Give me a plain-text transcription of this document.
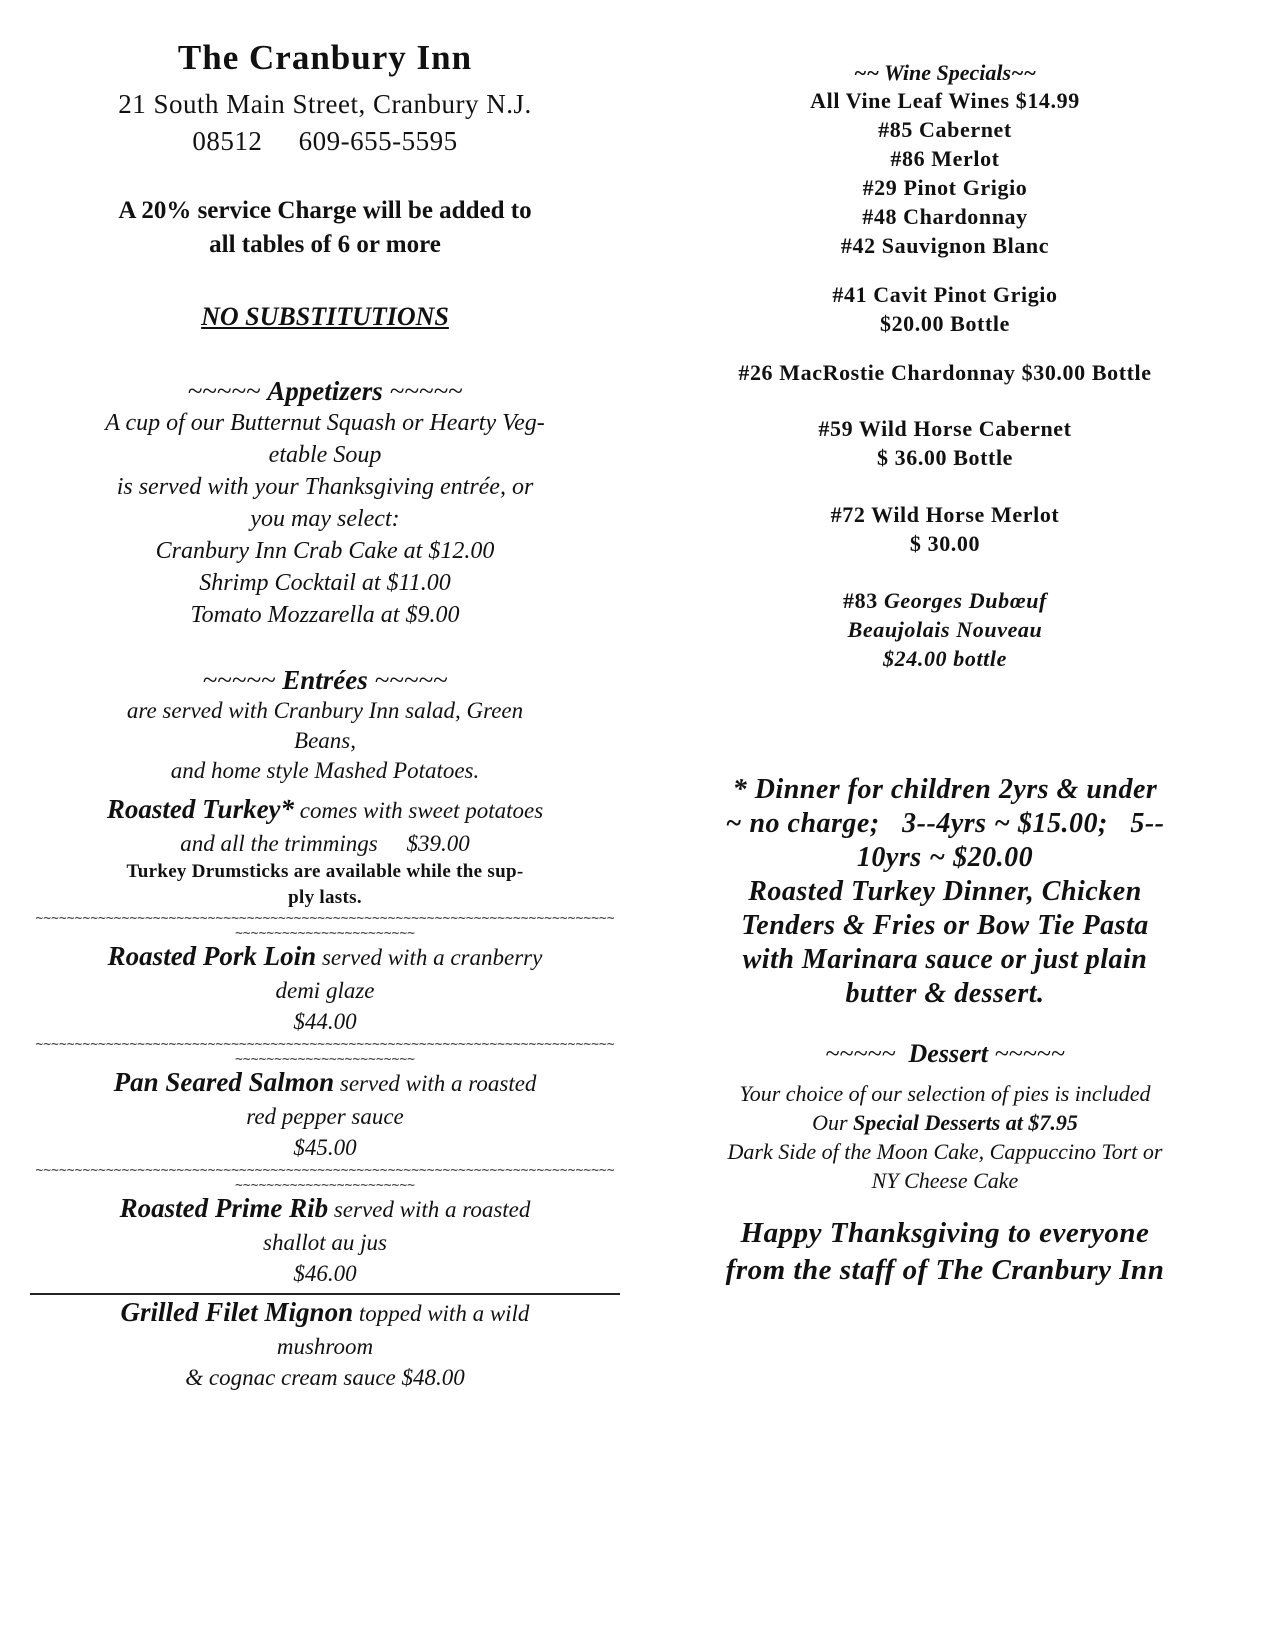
The Cranbury Inn

21 South Main Street, Cranbury N.J.

08512     609-655-5595

A 20% service Charge will be added to

all tables of 6 or more

NO SUBSTITUTIONS

~~~~~ Appetizers ~~~~~

A cup of our Butternut Squash or Hearty Veg-

etable Soup

is served with your Thanksgiving entrée, or

you may select:

Cranbury Inn Crab Cake at $12.00

Shrimp Cocktail at $11.00

Tomato Mozzarella at $9.00

~~~~~ Entrées ~~~~~

are served with Cranbury Inn salad, Green

Beans,

and home style Mashed Potatoes.

Roasted Turkey* comes with sweet potatoes

and all the trimmings     $39.00

Turkey Drumsticks are available while the sup-

ply lasts.

~~~~~~~~~~~~~~~~~~~~~~~~~~~~~~~~~~~~~~~~~~~~~~~~~~~~~~~~~~~~~~~~~~~~~~~~~~
~~~~~~~~~~~~~~~~~~~~~~~

Roasted Pork Loin served with a cranberry

demi glaze

$44.00

~~~~~~~~~~~~~~~~~~~~~~~~~~~~~~~~~~~~~~~~~~~~~~~~~~~~~~~~~~~~~~~~~~~~~~~~~~
~~~~~~~~~~~~~~~~~~~~~~~

Pan Seared Salmon served with a roasted

red pepper sauce

$45.00

~~~~~~~~~~~~~~~~~~~~~~~~~~~~~~~~~~~~~~~~~~~~~~~~~~~~~~~~~~~~~~~~~~~~~~~~~~
~~~~~~~~~~~~~~~~~~~~~~~

Roasted Prime Rib served with a roasted

shallot au jus

$46.00

Grilled Filet Mignon topped with a wild

mushroom

& cognac cream sauce $48.00

~~ Wine Specials~~

All Vine Leaf Wines $14.99

#85 Cabernet

#86 Merlot

#29 Pinot Grigio

#48 Chardonnay

#42 Sauvignon Blanc

#41 Cavit Pinot Grigio

$20.00 Bottle

#26 MacRostie Chardonnay $30.00 Bottle

#59 Wild Horse Cabernet

$ 36.00 Bottle

#72 Wild Horse Merlot

$ 30.00

#83 Georges Dubœuf

Beaujolais Nouveau

$24.00 bottle

* Dinner for children 2yrs & under

~ no charge;   3--4yrs ~ $15.00;   5--

10yrs ~ $20.00

Roasted Turkey Dinner, Chicken

Tenders & Fries or Bow Tie Pasta

with Marinara sauce or just plain

butter & dessert.

~~~~~  Dessert ~~~~~

Your choice of our selection of pies is included

Our Special Desserts at $7.95

Dark Side of the Moon Cake, Cappuccino Tort or

NY Cheese Cake

Happy Thanksgiving to everyone

from the staff of The Cranbury Inn
